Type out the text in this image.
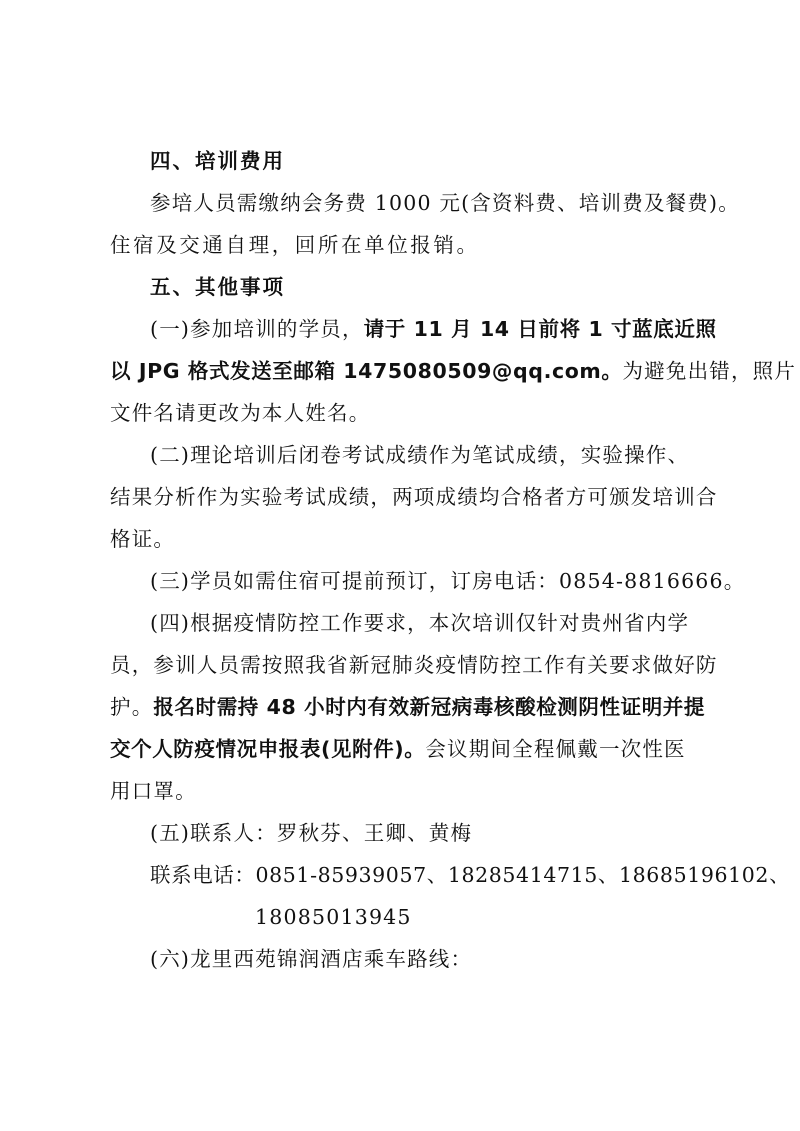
四、培训费用
参培人员需缴纳会务费 1000 元(含资料费、培训费及餐费)。
住宿及交通自理，回所在单位报销。
五、其他事项
(一)参加培训的学员，请于 11 月 14 日前将 1 寸蓝底近照
以 JPG 格式发送至邮箱 1475080509@qq.com。为避免出错，照片
文件名请更改为本人姓名。
(二)理论培训后闭卷考试成绩作为笔试成绩，实验操作、
结果分析作为实验考试成绩，两项成绩均合格者方可颁发培训合
格证。
(三)学员如需住宿可提前预订，订房电话：0854-8816666。
(四)根据疫情防控工作要求，本次培训仅针对贵州省内学
员，参训人员需按照我省新冠肺炎疫情防控工作有关要求做好防
护。报名时需持 48 小时内有效新冠病毒核酸检测阴性证明并提
交个人防疫情况申报表(见附件)。会议期间全程佩戴一次性医
用口罩。
(五)联系人：罗秋芬、王卿、黄梅
联系电话：0851-85939057、18285414715、18685196102、
18085013945
(六)龙里西苑锦润酒店乘车路线：
